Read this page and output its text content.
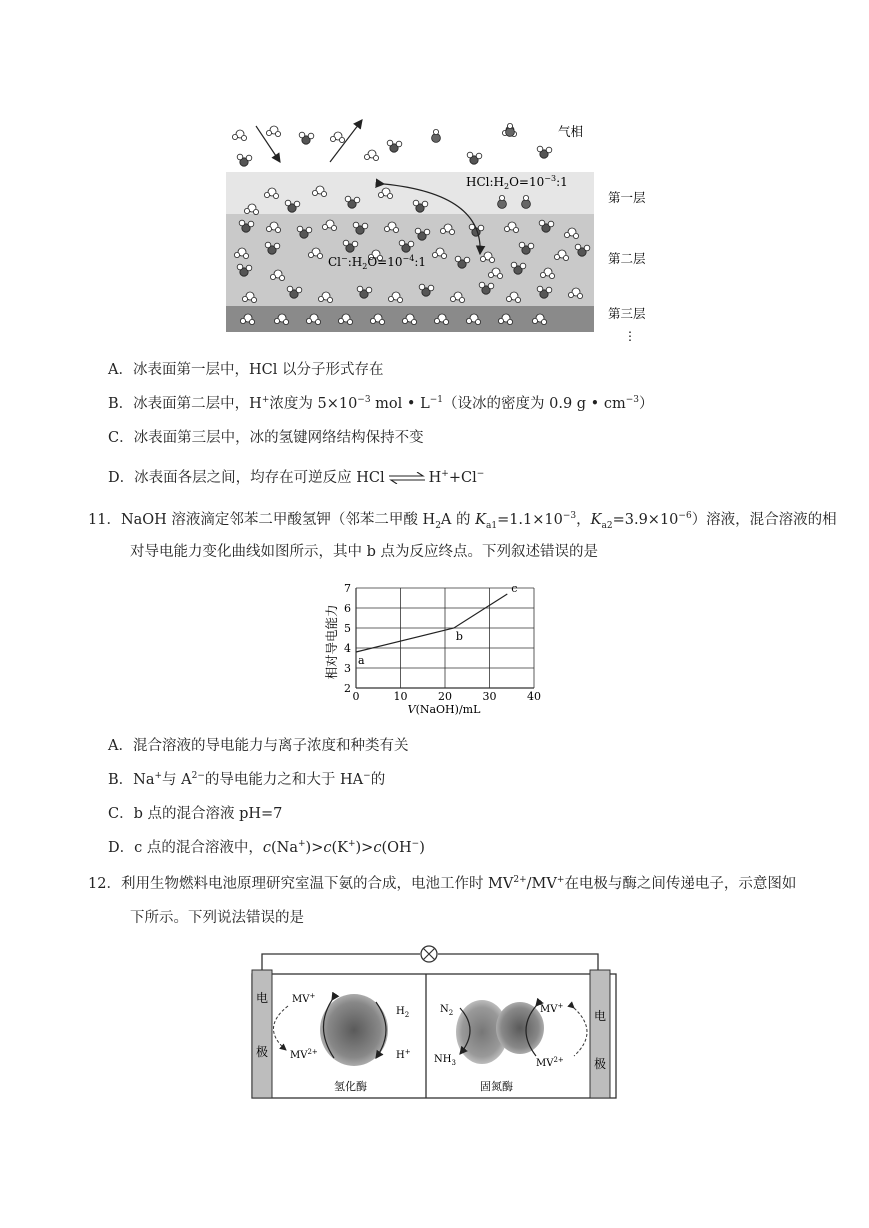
$HCl:H_2O=10^{-3}:1$
$Cl^-:H_2O=10^{-4}:1$
气相
第一层
第二层
第三层
⋮
A．冰表面第一层中，HCl 以分子形式存在
B．冰表面第二层中，H+浓度为 $5\times 10^{-3}$ mol • $L^{-1}$（设冰的密度为 0.9 g • $cm^{-3}$）
C．冰表面第三层中，冰的氢键网络结构保持不变
D．冰表面各层之间，均存在可逆反应 HCl ⇌ H++Cl−
11．NaOH 溶液滴定邻苯二甲酸氢钾（邻苯二甲酸 $H_2A$ 的 $K_{a1}=1.1\times 10^{-3}$，$K_{a2}=3.9\times 10^{-6}$）溶液，混合溶液的相
对导电能力变化曲线如图所示，其中 b 点为反应终点。下列叙述错误的是
0	10	20	30	40
2
3
4
5
6
7
a
b
c
相对导电能力
V(NaOH)/mL
A．混合溶液的导电能力与离子浓度和种类有关
B．Na+与 $A^{2-}$的导电能力之和大于 HA−的
C．b 点的混合溶液 pH=7
D．c 点的混合溶液中，c(Na+)>c(K+)>c(OH−)
12．利用生物燃料电池原理研究室温下氨的合成，电池工作时 $MV^{2+}/MV^+$在电极与酶之间传递电子，示意图如
下所示。下列说法错误的是
电
极
电
极
MV+
$MV^{2+}$
$H_2$
H+
氢化酶
$N_2$
$NH_3$
MV+
$MV^{2+}$
固氮酶
